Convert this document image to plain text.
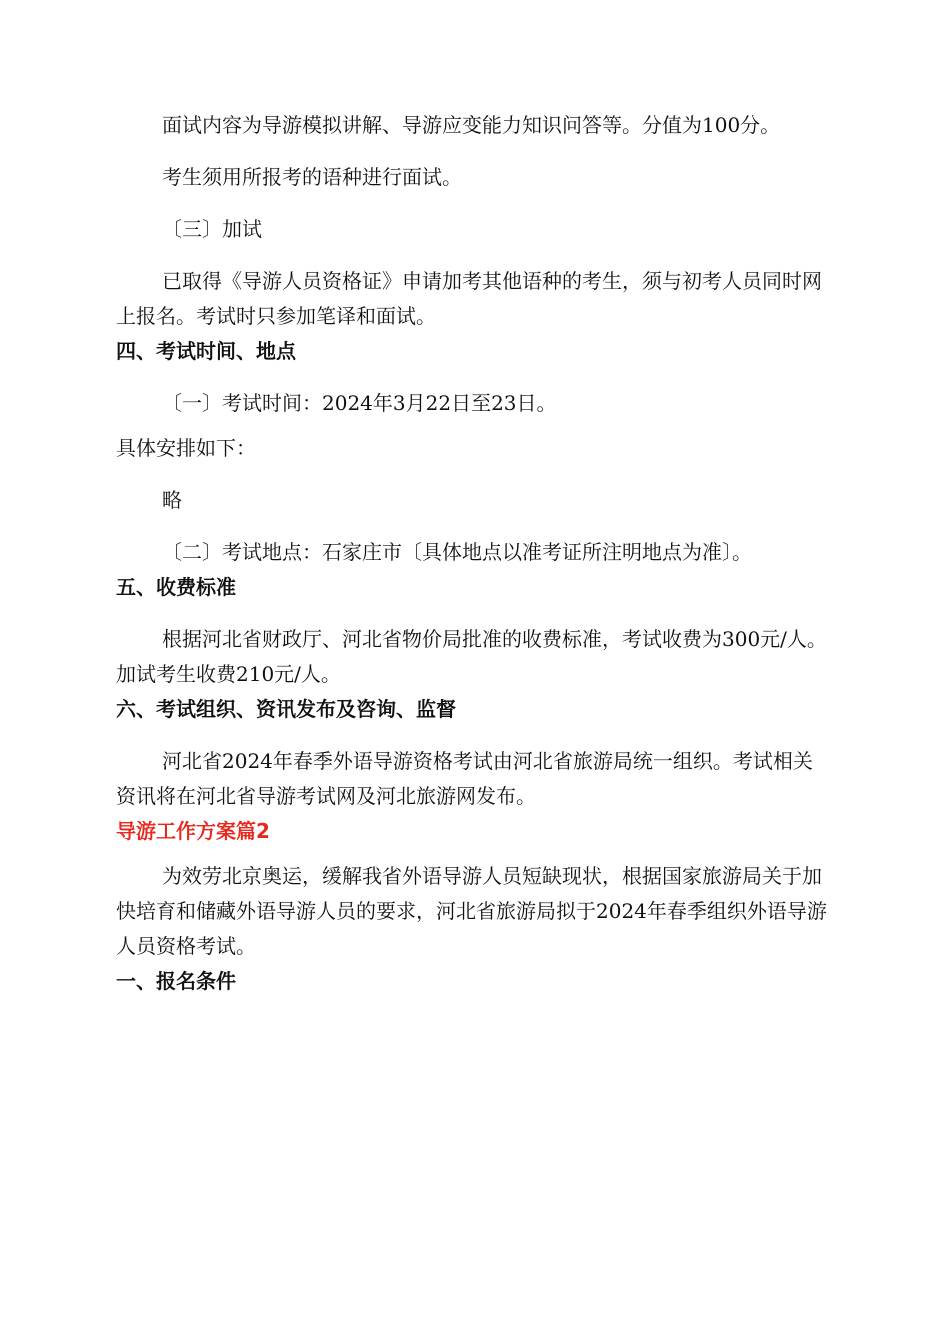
面试内容为导游模拟讲解、导游应变能力知识问答等。分值为100分。

考生须用所报考的语种进行面试。

〔三〕加试

已取得《导游人员资格证》申请加考其他语种的考生，须与初考人员同时网上报名。考试时只参加笔译和面试。

四、考试时间、地点

〔一〕考试时间：2024年3月22日至23日。

具体安排如下：

略

〔二〕考试地点：石家庄市〔具体地点以准考证所注明地点为准〕。

五、收费标准

根据河北省财政厅、河北省物价局批准的收费标准，考试收费为300元/人。加试考生收费210元/人。

六、考试组织、资讯发布及咨询、监督

河北省2024年春季外语导游资格考试由河北省旅游局统一组织。考试相关资讯将在河北省导游考试网及河北旅游网发布。

导游工作方案篇2

为效劳北京奥运，缓解我省外语导游人员短缺现状，根据国家旅游局关于加快培育和储藏外语导游人员的要求，河北省旅游局拟于2024年春季组织外语导游人员资格考试。

一、报名条件
